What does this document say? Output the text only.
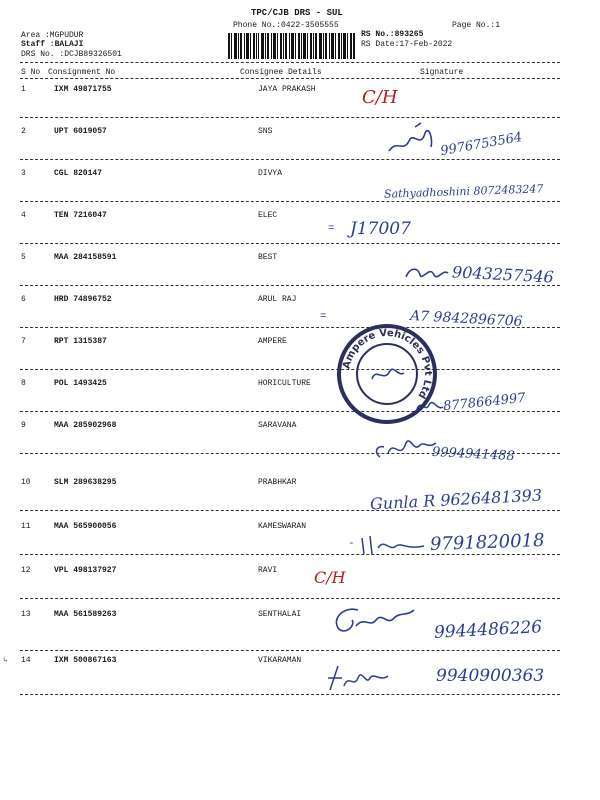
TPC/CJB DRS - SUL
Phone No.:0422-3505555	Page No.:1
Area :MGPUDUR
Staff :BALAJI
DRS No. :DCJB89326501
RS No.:893265
RS Date:17-Feb-2022
S No Consignment No	Consignee Details	Signature
1	IXM 49871755	JAYA PRAKASH	C/H
2	UPT 6019057	SNS	9976753564
3	CGL 820147	DIVYA
Sathyadhoshini 8072483247
4	TEN 7216047	ELEC
= J17007
5	MAA 284158591	BEST
9043257546
6	HRD 74896752	ARUL RAJ
=	A7 9842896706
7	RPT 1315387	AMPERE
8	POL 1493425	HORICULTURE
8778664997
9	MAA 285902968	SARAVANA
9994941488
10	SLM 289638295	PRABHKAR
Gunla R 9626481393
11	MAA 565900056	KAMESWARAN
-	9791820018
12	VPL 498137927	RAVI C/H
13	MAA 561589263	SENTHALAI
9944486226
14	IXM 500867163	VIKARAMAN
9940900363
Ampere Vehicles Pvt Ltd
↳
